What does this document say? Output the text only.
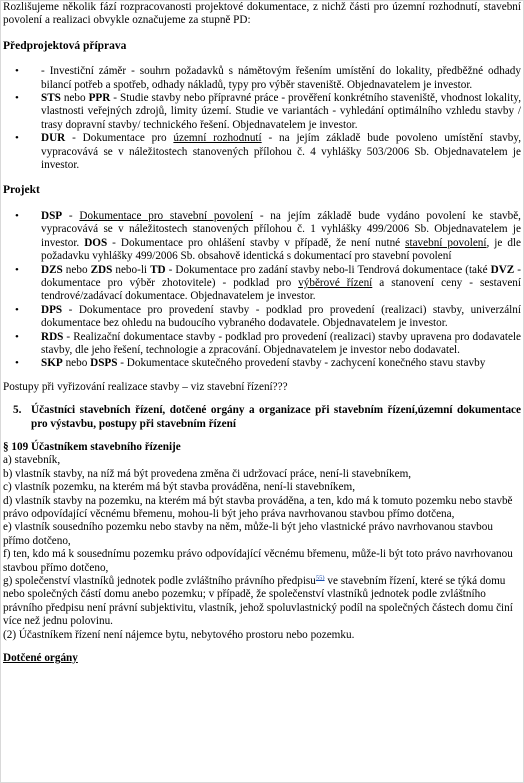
Rozlišujeme několik fází rozpracovanosti projektové dokumentace, z nichž části pro územní rozhodnutí, stavební povolení a realizaci obvykle označujeme za stupně PD:

Předprojektová příprava
• - Investiční záměr - souhrn požadavků s námětovým řešením umístění do lokality, předběžné odhady bilancí potřeb a spotřeb, odhady nákladů, typy pro výběr staveniště. Objednavatelem je investor.
• STS nebo PPR - Studie stavby nebo přípravné práce - prověření konkrétního staveniště, vhodnost lokality, vlastnosti veřejných zdrojů, limity území. Studie ve variantách - vyhledání optimálního vzhledu stavby / trasy dopravní stavby/ technického řešení. Objednavatelem je investor.
• DUR - Dokumentace pro územní rozhodnutí - na jejím základě bude povoleno umístění stavby, vypracovává se v náležitostech stanovených přílohou č. 4 vyhlášky 503/2006 Sb. Objednavatelem je investor.
Projekt
• DSP - Dokumentace pro stavební povolení - na jejím základě bude vydáno povolení ke stavbě, vypracovává se v náležitostech stanovených přílohou č. 1 vyhlášky 499/2006 Sb. Objednavatelem je investor. DOS - Dokumentace pro ohlášení stavby v případě, že není nutné stavební povolení, je dle požadavku vyhlášky 499/2006 Sb. obsahově identická s dokumentací pro stavební povolení
• DZS nebo ZDS nebo-li TD - Dokumentace pro zadání stavby nebo-li Tendrová dokumentace (také DVZ - dokumentace pro výběr zhotovitele) - podklad pro výběrové řízení a stanovení ceny - sestavení tendrové/zadávací dokumentace. Objednavatelem je investor.
• DPS - Dokumentace pro provedení stavby - podklad pro provedení (realizaci) stavby, univerzální dokumentace bez ohledu na budoucího vybraného dodavatele. Objednavatelem je investor.
• RDS - Realizační dokumentace stavby - podklad pro provedení (realizaci) stavby upravena pro dodavatele stavby, dle jeho řešení, technologie a zpracování. Objednavatelem je investor nebo dodavatel.
• SKP nebo DSPS - Dokumentace skutečného provedení stavby - zachycení konečného stavu stavby

Postupy při vyřizování realizace stavby – viz stavební řízení???

5. Účastníci stavebních řízení, dotčené orgány a organizace při stavebním řízení,územní dokumentace pro výstavbu, postupy při stavebním řízení

§ 109 Účastníkem stavebního řízenije

a) stavebník,

b) vlastník stavby, na níž má být provedena změna či udržovací práce, není-li stavebníkem,

c) vlastník pozemku, na kterém má být stavba prováděna, není-li stavebníkem,

d) vlastník stavby na pozemku, na kterém má být stavba prováděna, a ten, kdo má k tomuto pozemku nebo stavbě právo odpovídající věcnému břemenu, mohou-li být jeho práva navrhovanou stavbou přímo dotčena,

e) vlastník sousedního pozemku nebo stavby na něm, může-li být jeho vlastnické právo navrhovanou stavbou přímo dotčeno,

f) ten, kdo má k sousednímu pozemku právo odpovídající věcnému břemenu, může-li být toto právo navrhovanou stavbou přímo dotčeno,

g) společenství vlastníků jednotek podle zvláštního právního předpisu$^{55)}$ ve stavebním řízení, které se týká domu nebo společných částí domu anebo pozemku; v případě, že společenství vlastníků jednotek podle zvláštního právního předpisu není právní subjektivitu, vlastník, jehož spoluvlastnický podíl na společných částech domu činí více než jednu polovinu.

(2) Účastníkem řízení není nájemce bytu, nebytového prostoru nebo pozemku.

Dotčené orgány
